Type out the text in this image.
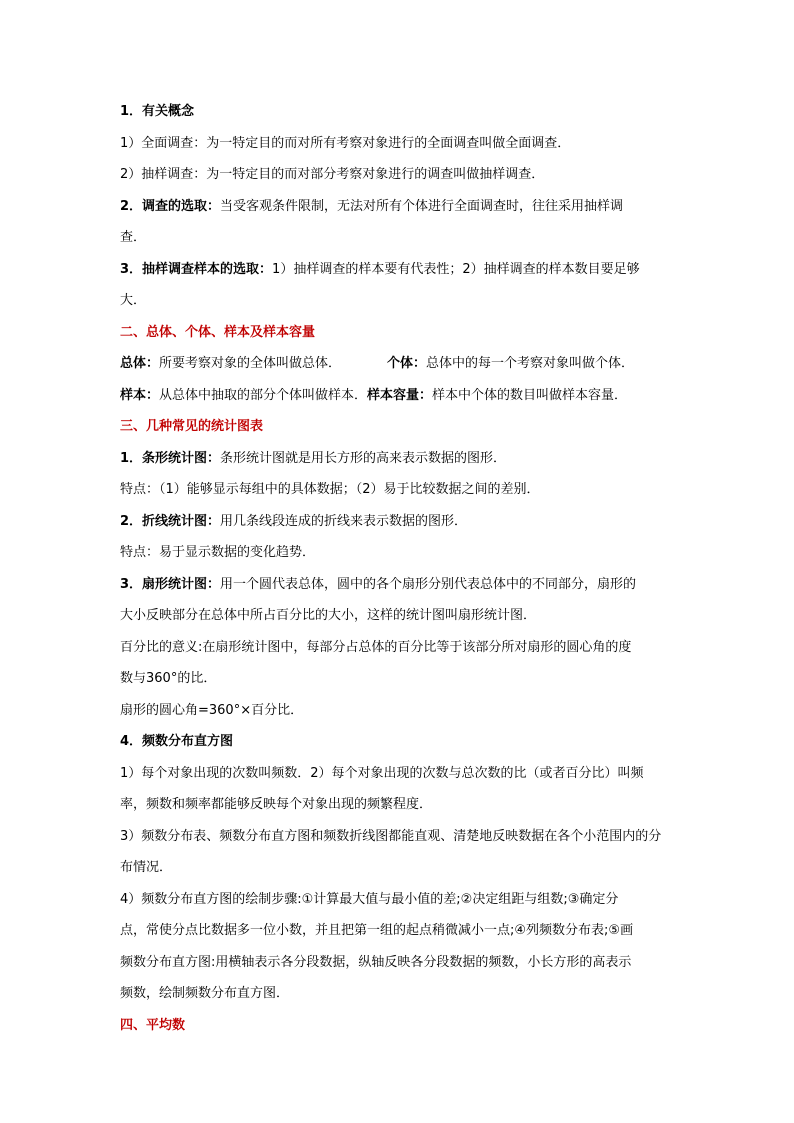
1．有关概念
1）全面调查：为一特定目的而对所有考察对象进行的全面调查叫做全面调查．
2）抽样调查：为一特定目的而对部分考察对象进行的调查叫做抽样调查．
2．调查的选取：当受客观条件限制，无法对所有个体进行全面调查时，往往采用抽样调
查．
3．抽样调查样本的选取：1）抽样调查的样本要有代表性；2）抽样调查的样本数目要足够
大．
二、总体、个体、样本及样本容量
总体：所要考察对象的全体叫做总体．	个体：总体中的每一个考察对象叫做个体．
样本：从总体中抽取的部分个体叫做样本．样本容量：样本中个体的数目叫做样本容量．
三、几种常见的统计图表
1．条形统计图：条形统计图就是用长方形的高来表示数据的图形．
特点：（1）能够显示每组中的具体数据；（2）易于比较数据之间的差别．
2．折线统计图：用几条线段连成的折线来表示数据的图形．
特点：易于显示数据的变化趋势．
3．扇形统计图：用一个圆代表总体，圆中的各个扇形分别代表总体中的不同部分，扇形的
大小反映部分在总体中所占百分比的大小，这样的统计图叫扇形统计图．
百分比的意义:在扇形统计图中，每部分占总体的百分比等于该部分所对扇形的圆心角的度
数与360°的比．
扇形的圆心角=360°×百分比．
4．频数分布直方图
1）每个对象出现的次数叫频数．2）每个对象出现的次数与总次数的比（或者百分比）叫频
率，频数和频率都能够反映每个对象出现的频繁程度．
3）频数分布表、频数分布直方图和频数折线图都能直观、清楚地反映数据在各个小范围内的分
布情况．
4）频数分布直方图的绘制步骤:①计算最大值与最小值的差;②决定组距与组数;③确定分
点，常使分点比数据多一位小数，并且把第一组的起点稍微减小一点;④列频数分布表;⑤画
频数分布直方图:用横轴表示各分段数据，纵轴反映各分段数据的频数，小长方形的高表示
频数，绘制频数分布直方图．
四、平均数
